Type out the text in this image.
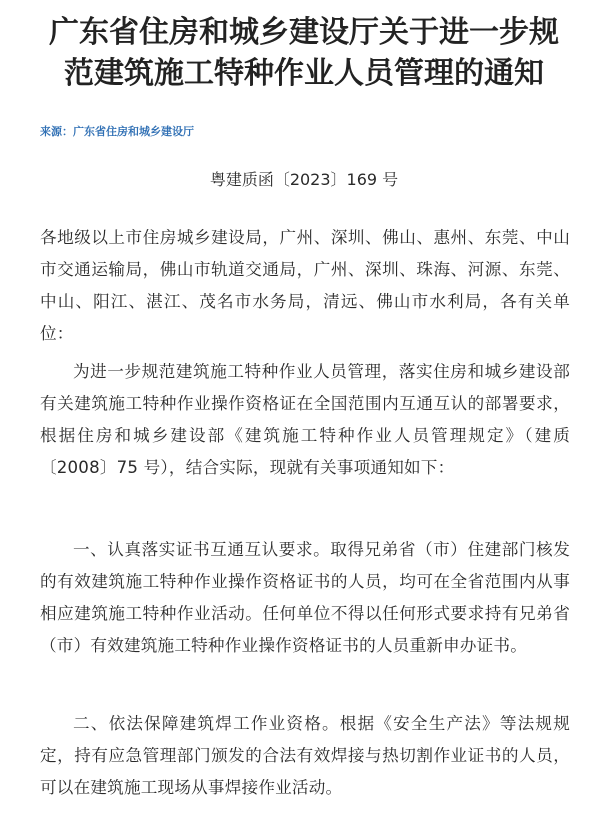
广东省住房和城乡建设厅关于进一步规
范建筑施工特种作业人员管理的通知
来源：广东省住房和城乡建设厅
粤建质函〔2023〕169 号

各地级以上市住房城乡建设局，广州、深圳、佛山、惠州、东莞、中山市交通运输局，佛山市轨道交通局，广州、深圳、珠海、河源、东莞、中山、阳江、湛江、茂名市水务局，清远、佛山市水利局，各有关单位：

为进一步规范建筑施工特种作业人员管理，落实住房和城乡建设部有关建筑施工特种作业操作资格证在全国范围内互通互认的部署要求，根据住房和城乡建设部《建筑施工特种作业人员管理规定》（建质〔2008〕75 号），结合实际，现就有关事项通知如下：

一、认真落实证书互通互认要求。取得兄弟省（市）住建部门核发的有效建筑施工特种作业操作资格证书的人员，均可在全省范围内从事相应建筑施工特种作业活动。任何单位不得以任何形式要求持有兄弟省（市）有效建筑施工特种作业操作资格证书的人员重新申办证书。

二、依法保障建筑焊工作业资格。根据《安全生产法》等法规规定，持有应急管理部门颁发的合法有效焊接与热切割作业证书的人员，可以在建筑施工现场从事焊接作业活动。
